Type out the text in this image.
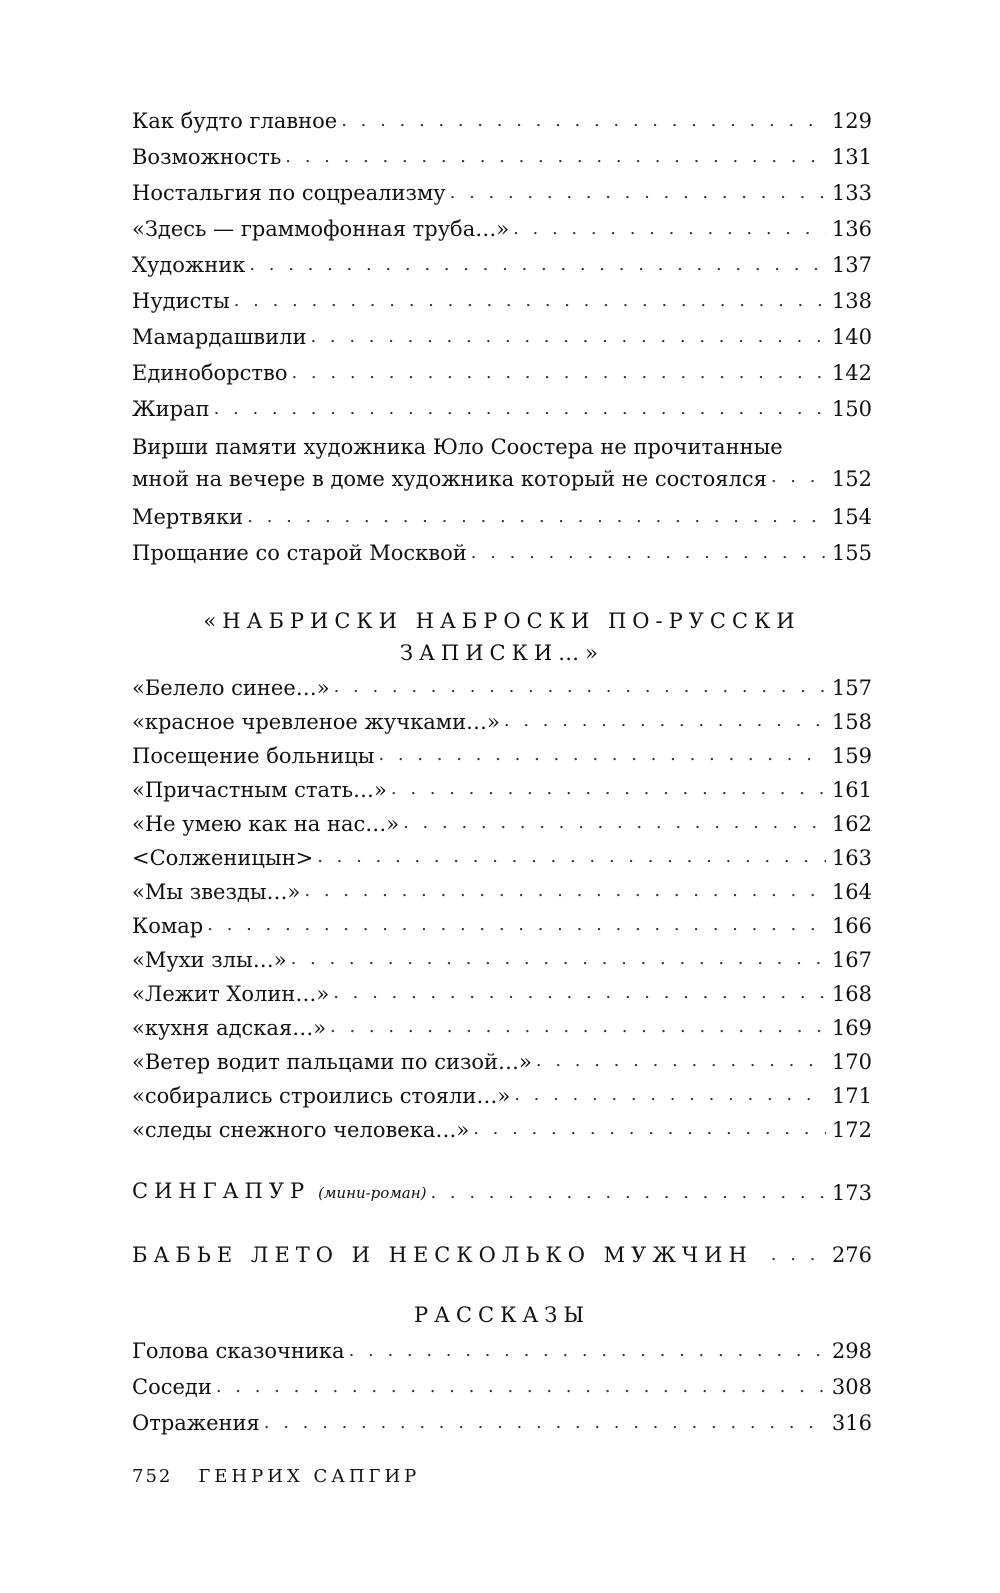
Как будто главное . . .	129
Возможность . . .	131
Ностальгия по соцреализму . . .	133
«Здесь — граммофонная труба…» . . .	136
Художник . . .	137
Нудисты . . .	138
Мамардашвили . . .	140
Единоборство . . .	142
Жирап . . .	150
Вирши памяти художника Юло Соостера не прочитанные
мной на вечере в доме художника который не состоялся . . .	152
Мертвяки . . .	154
Прощание со старой Москвой . . .	155
«НАБРИСКИ НАБРОСКИ ПО-РУССКИ
ЗАПИСКИ…»
«Белело синее…» . . .	157
«красное чревленое жучками…» . . .	158
Посещение больницы . . .	159
«Причастным стать…» . . .	161
«Не умею как на нас…» . . .	162
<Солженицын> . . .	163
«Мы звезды…» . . .	164
Комар . . .	166
«Мухи злы…» . . .	167
«Лежит Холин…» . . .	168
«кухня адская…» . . .	169
«Ветер водит пальцами по сизой…» . . .	170
«собирались строились стояли…» . . .	171
«следы снежного человека…» . . .	172
СИНГАПУР (мини-роман) . . .	173
БАБЬЕ ЛЕТО И НЕСКОЛЬКО МУЖЧИН . . .	276
РАССКАЗЫ
Голова сказочника . . .	298
Соседи . . .	308
Отражения . . .	316
752 ГЕНРИХ САПГИР
